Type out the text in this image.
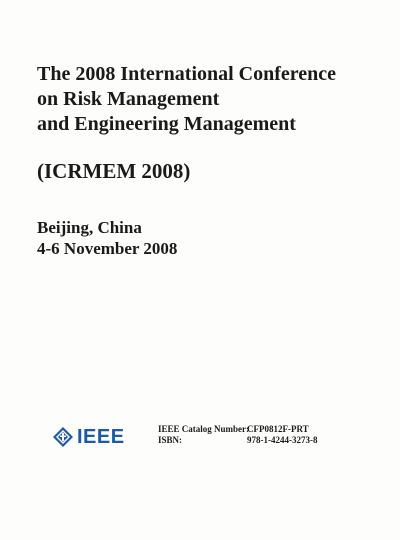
The 2008 International Conference
on Risk Management
and Engineering Management
(ICRMEM 2008)
Beijing, China
4-6 November 2008
IEEE	IEEE Catalog Number:
CFP0812F-PRT
ISBN:	978-1-4244-3273-8
